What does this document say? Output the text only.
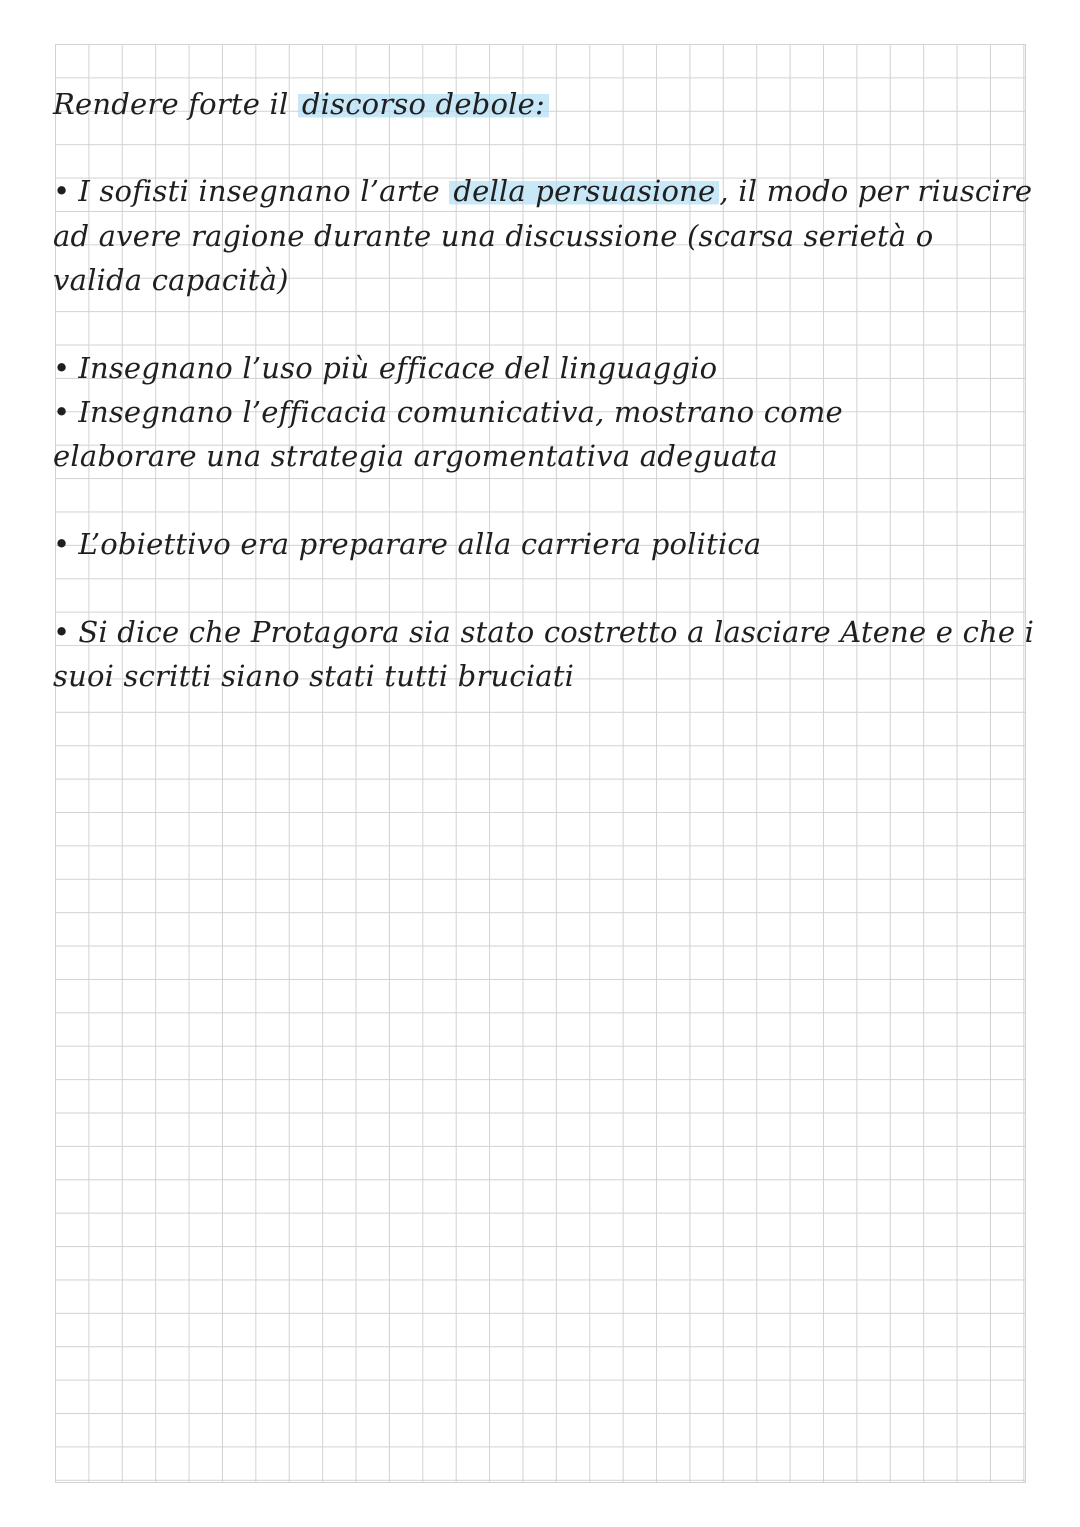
Rendere forte il discorso debole:
• I sofisti insegnano l’arte della persuasione , il modo per riuscire
ad avere ragione durante una discussione (scarsa serietà o
valida capacità)
• Insegnano l’uso più efficace del linguaggio
• Insegnano l’efficacia comunicativa, mostrano come
elaborare una strategia argomentativa adeguata
• L’obiettivo era preparare alla carriera politica
• Si dice che Protagora sia stato costretto a lasciare Atene e che i
suoi scritti siano stati tutti bruciati
